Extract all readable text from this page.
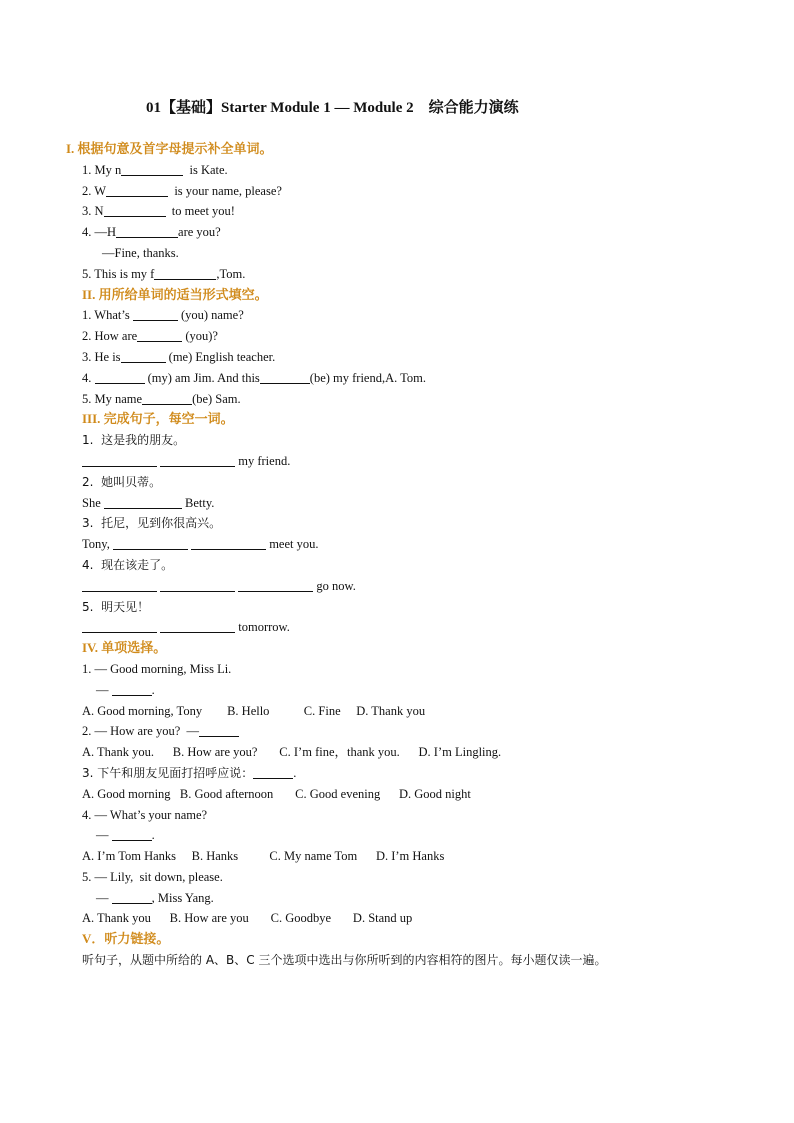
01【基础】Starter Module 1 — Module 2    综合能力演练
I. 根据句意及首字母提示补全单词。
1. My n	is Kate.
2. W	is your name, please?
3. N	to meet you!
4. —H	are you?
—Fine, thanks.
5. This is my f	,Tom.
II. 用所给单词的适当形式填空。
1. What’s	(you) name?
2. How are	(you)?
3. He is	(me) English teacher.
4.	(my) am Jim. And this	(be) my friend,A. Tom.
5. My name	(be) Sam.
III. 完成句子，每空一词。
1.  这是我的朋友。
my friend.
2.  她叫贝蒂。
She	Betty.
3.  托尼，见到你很高兴。
Tony,	meet you.
4.  现在该走了。
go now.
5.  明天见！
tomorrow.
IV. 单项选择。
1. — Good morning, Miss Li.
—	.
A. Good morning, Tony        B. Hello           C. Fine     D. Thank you
2. — How are you?  —
A. Thank you.      B. How are you?       C. I’m fine，thank you.      D. I’m Lingling.
3. 下午和朋友见面打招呼应说：	.
A. Good morning   B. Good afternoon       C. Good evening      D. Good night
4. — What’s your name?
—	.
A. I’m Tom Hanks     B. Hanks          C. My name Tom      D. I’m Hanks
5. — Lily,  sit down, please.
—	, Miss Yang.
A. Thank you      B. How are you       C. Goodbye       D. Stand up
V．听力链接。
听句子，从题中所给的 A、B、C 三个选项中选出与你所听到的内容相符的图片。每小题仅读一遍。
